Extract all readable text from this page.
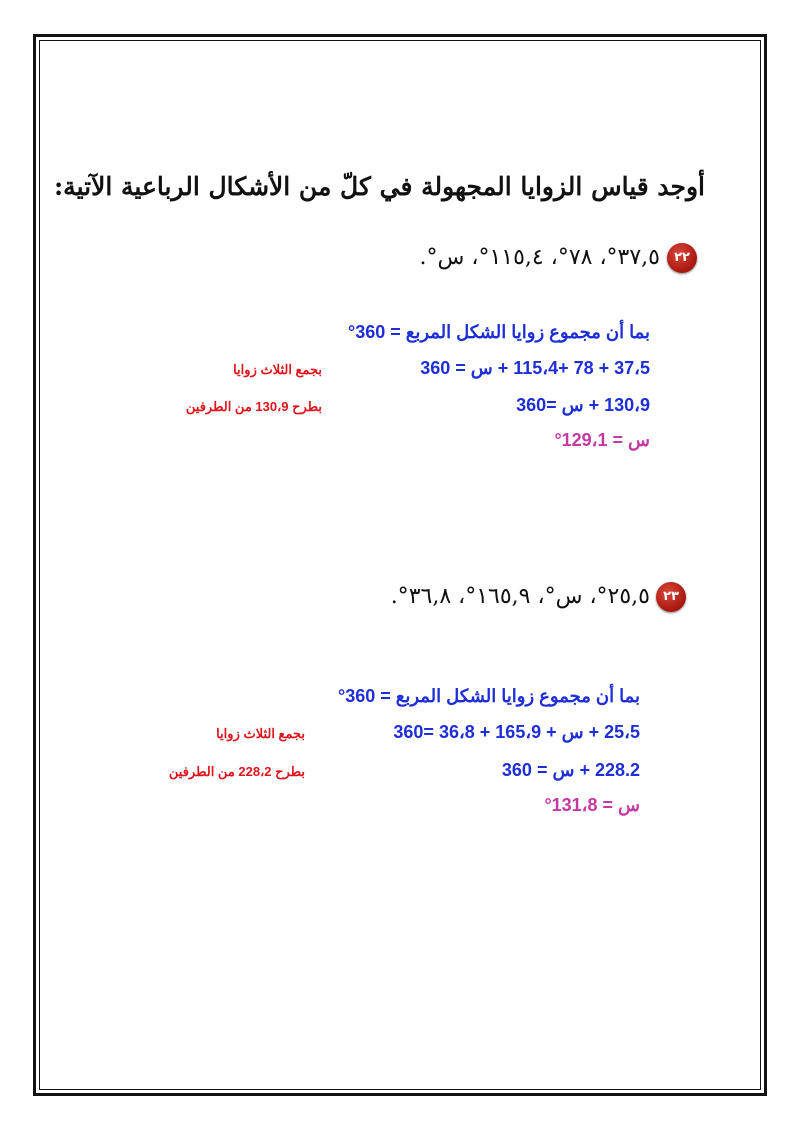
أوجد قياس الزوايا المجهولة في كلّ من الأشكال الرباعية الآتية:
٢٢
٣٧,٥°، ٧٨°، ١١٥,٤°، س°.
بما أن مجموع زوايا الشكل المربع = 360°
37،5 + 78 +115،4 + س = 360
بجمع الثلاث زوايا
130،9 + س =360
بطرح 130،9 من الطرفين
س = 129،1°
٢٣
٢٥,٥°، س°، ١٦٥,٩°، ٣٦,٨°.
بما أن مجموع زوايا الشكل المربع = 360°
25،5 + س + 165،9 + 36،8 =360
بجمع الثلاث زوايا
228.2 + س = 360
بطرح 228،2 من الطرفين
س = 131،8°
